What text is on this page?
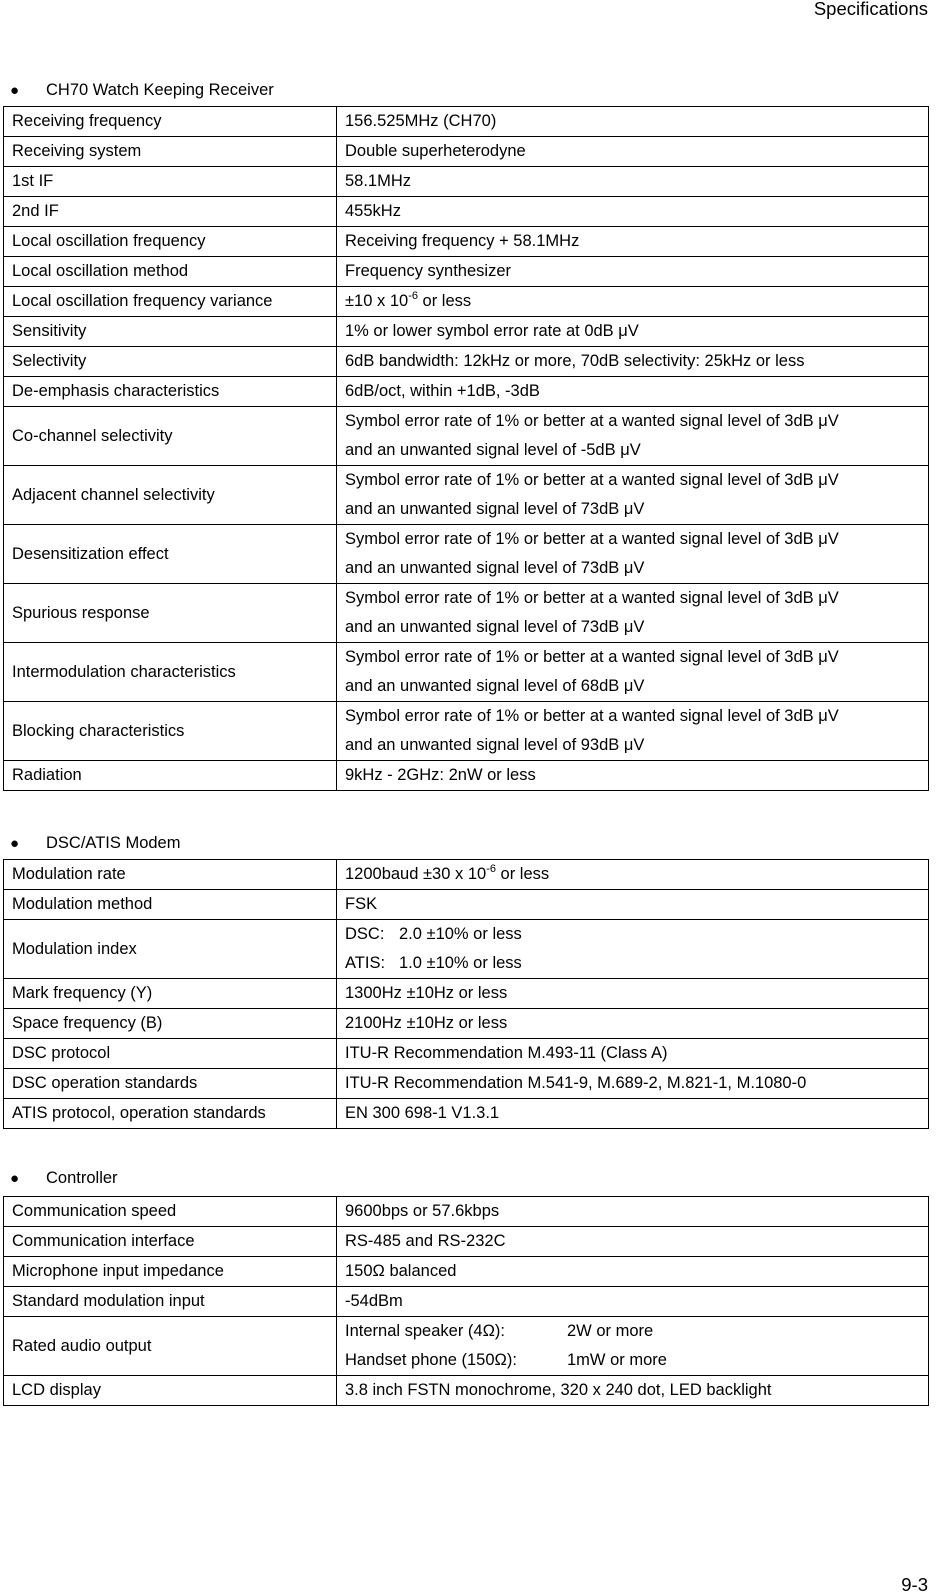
Specifications
● CH70 Watch Keeping Receiver
Receiving frequency	156.525MHz (CH70)
Receiving system	Double superheterodyne
1st IF	58.1MHz
2nd IF	455kHz
Local oscillation frequency	Receiving frequency + 58.1MHz
Local oscillation method	Frequency synthesizer
Local oscillation frequency variance	±10 x $10^{-6}$ or less
Sensitivity	1% or lower symbol error rate at 0dB μV
Selectivity	6dB bandwidth: 12kHz or more, 70dB selectivity: 25kHz or less
De-emphasis characteristics	6dB/oct, within +1dB, -3dB
Co-channel selectivity	Symbol error rate of 1% or better at a wanted signal level of 3dB μV
and an unwanted signal level of -5dB μV

Adjacent channel selectivity	Symbol error rate of 1% or better at a wanted signal level of 3dB μV
and an unwanted signal level of 73dB μV

Desensitization effect	Symbol error rate of 1% or better at a wanted signal level of 3dB μV
and an unwanted signal level of 73dB μV

Spurious response	Symbol error rate of 1% or better at a wanted signal level of 3dB μV
and an unwanted signal level of 73dB μV

Intermodulation characteristics	Symbol error rate of 1% or better at a wanted signal level of 3dB μV
and an unwanted signal level of 68dB μV

Blocking characteristics	Symbol error rate of 1% or better at a wanted signal level of 3dB μV
and an unwanted signal level of 93dB μV

Radiation	9kHz - 2GHz: 2nW or less
● DSC/ATIS Modem
Modulation rate	1200baud ±30 x $10^{-6}$ or less
Modulation method	FSK
Modulation index	DSC: 2.0 ±10% or less
ATIS: 1.0 ±10% or less

Mark frequency (Y)	1300Hz ±10Hz or less
Space frequency (B)	2100Hz ±10Hz or less
DSC protocol	ITU-R Recommendation M.493-11 (Class A)
DSC operation standards	ITU-R Recommendation M.541-9, M.689-2, M.821-1, M.1080-0
ATIS protocol, operation standards	EN 300 698-1 V1.3.1
● Controller
Communication speed	9600bps or 57.6kbps
Communication interface	RS-485 and RS-232C
Microphone input impedance	150Ω balanced
Standard modulation input	-54dBm
Rated audio output	Internal speaker (4Ω): 2W or more
Handset phone (150Ω): 1mW or more

LCD display	3.8 inch FSTN monochrome, 320 x 240 dot, LED backlight
9-3
